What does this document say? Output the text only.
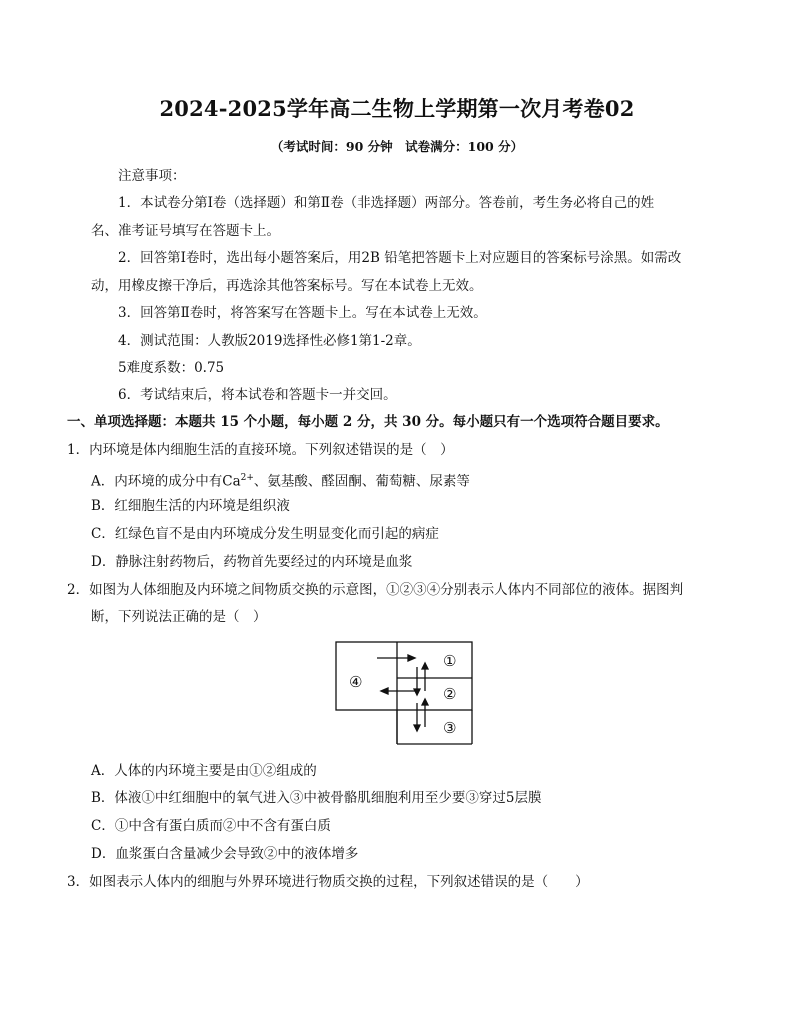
2024-2025学年高二生物上学期第一次月考卷02
（考试时间：90 分钟　试卷满分：100 分）
注意事项：
1．本试卷分第Ⅰ卷（选择题）和第Ⅱ卷（非选择题）两部分。答卷前，考生务必将自己的姓
名、准考证号填写在答题卡上。
2．回答第Ⅰ卷时，选出每小题答案后，用2B 铅笔把答题卡上对应题目的答案标号涂黑。如需改
动，用橡皮擦干净后，再选涂其他答案标号。写在本试卷上无效。
3．回答第Ⅱ卷时，将答案写在答题卡上。写在本试卷上无效。
4．测试范围：人教版2019选择性必修1第1-2章。
5难度系数：0.75
6．考试结束后，将本试卷和答题卡一并交回。
一、单项选择题：本题共 15 个小题，每小题 2 分，共 30 分。每小题只有一个选项符合题目要求。
1．内环境是体内细胞生活的直接环境。下列叙述错误的是（　）
A．内环境的成分中有$Ca^{2+}$、氨基酸、醛固酮、葡萄糖、尿素等
B．红细胞生活的内环境是组织液
C．红绿色盲不是由内环境成分发生明显变化而引起的病症
D．静脉注射药物后，药物首先要经过的内环境是血浆
2．如图为人体细胞及内环境之间物质交换的示意图，①②③④分别表示人体内不同部位的液体。据图判
断，下列说法正确的是（　）
①
②
③
④
A．人体的内环境主要是由①②组成的
B．体液①中红细胞中的氧气进入③中被骨骼肌细胞利用至少要③穿过5层膜
C．①中含有蛋白质而②中不含有蛋白质
D．血浆蛋白含量减少会导致②中的液体增多
3．如图表示人体内的细胞与外界环境进行物质交换的过程，下列叙述错误的是（　　）
